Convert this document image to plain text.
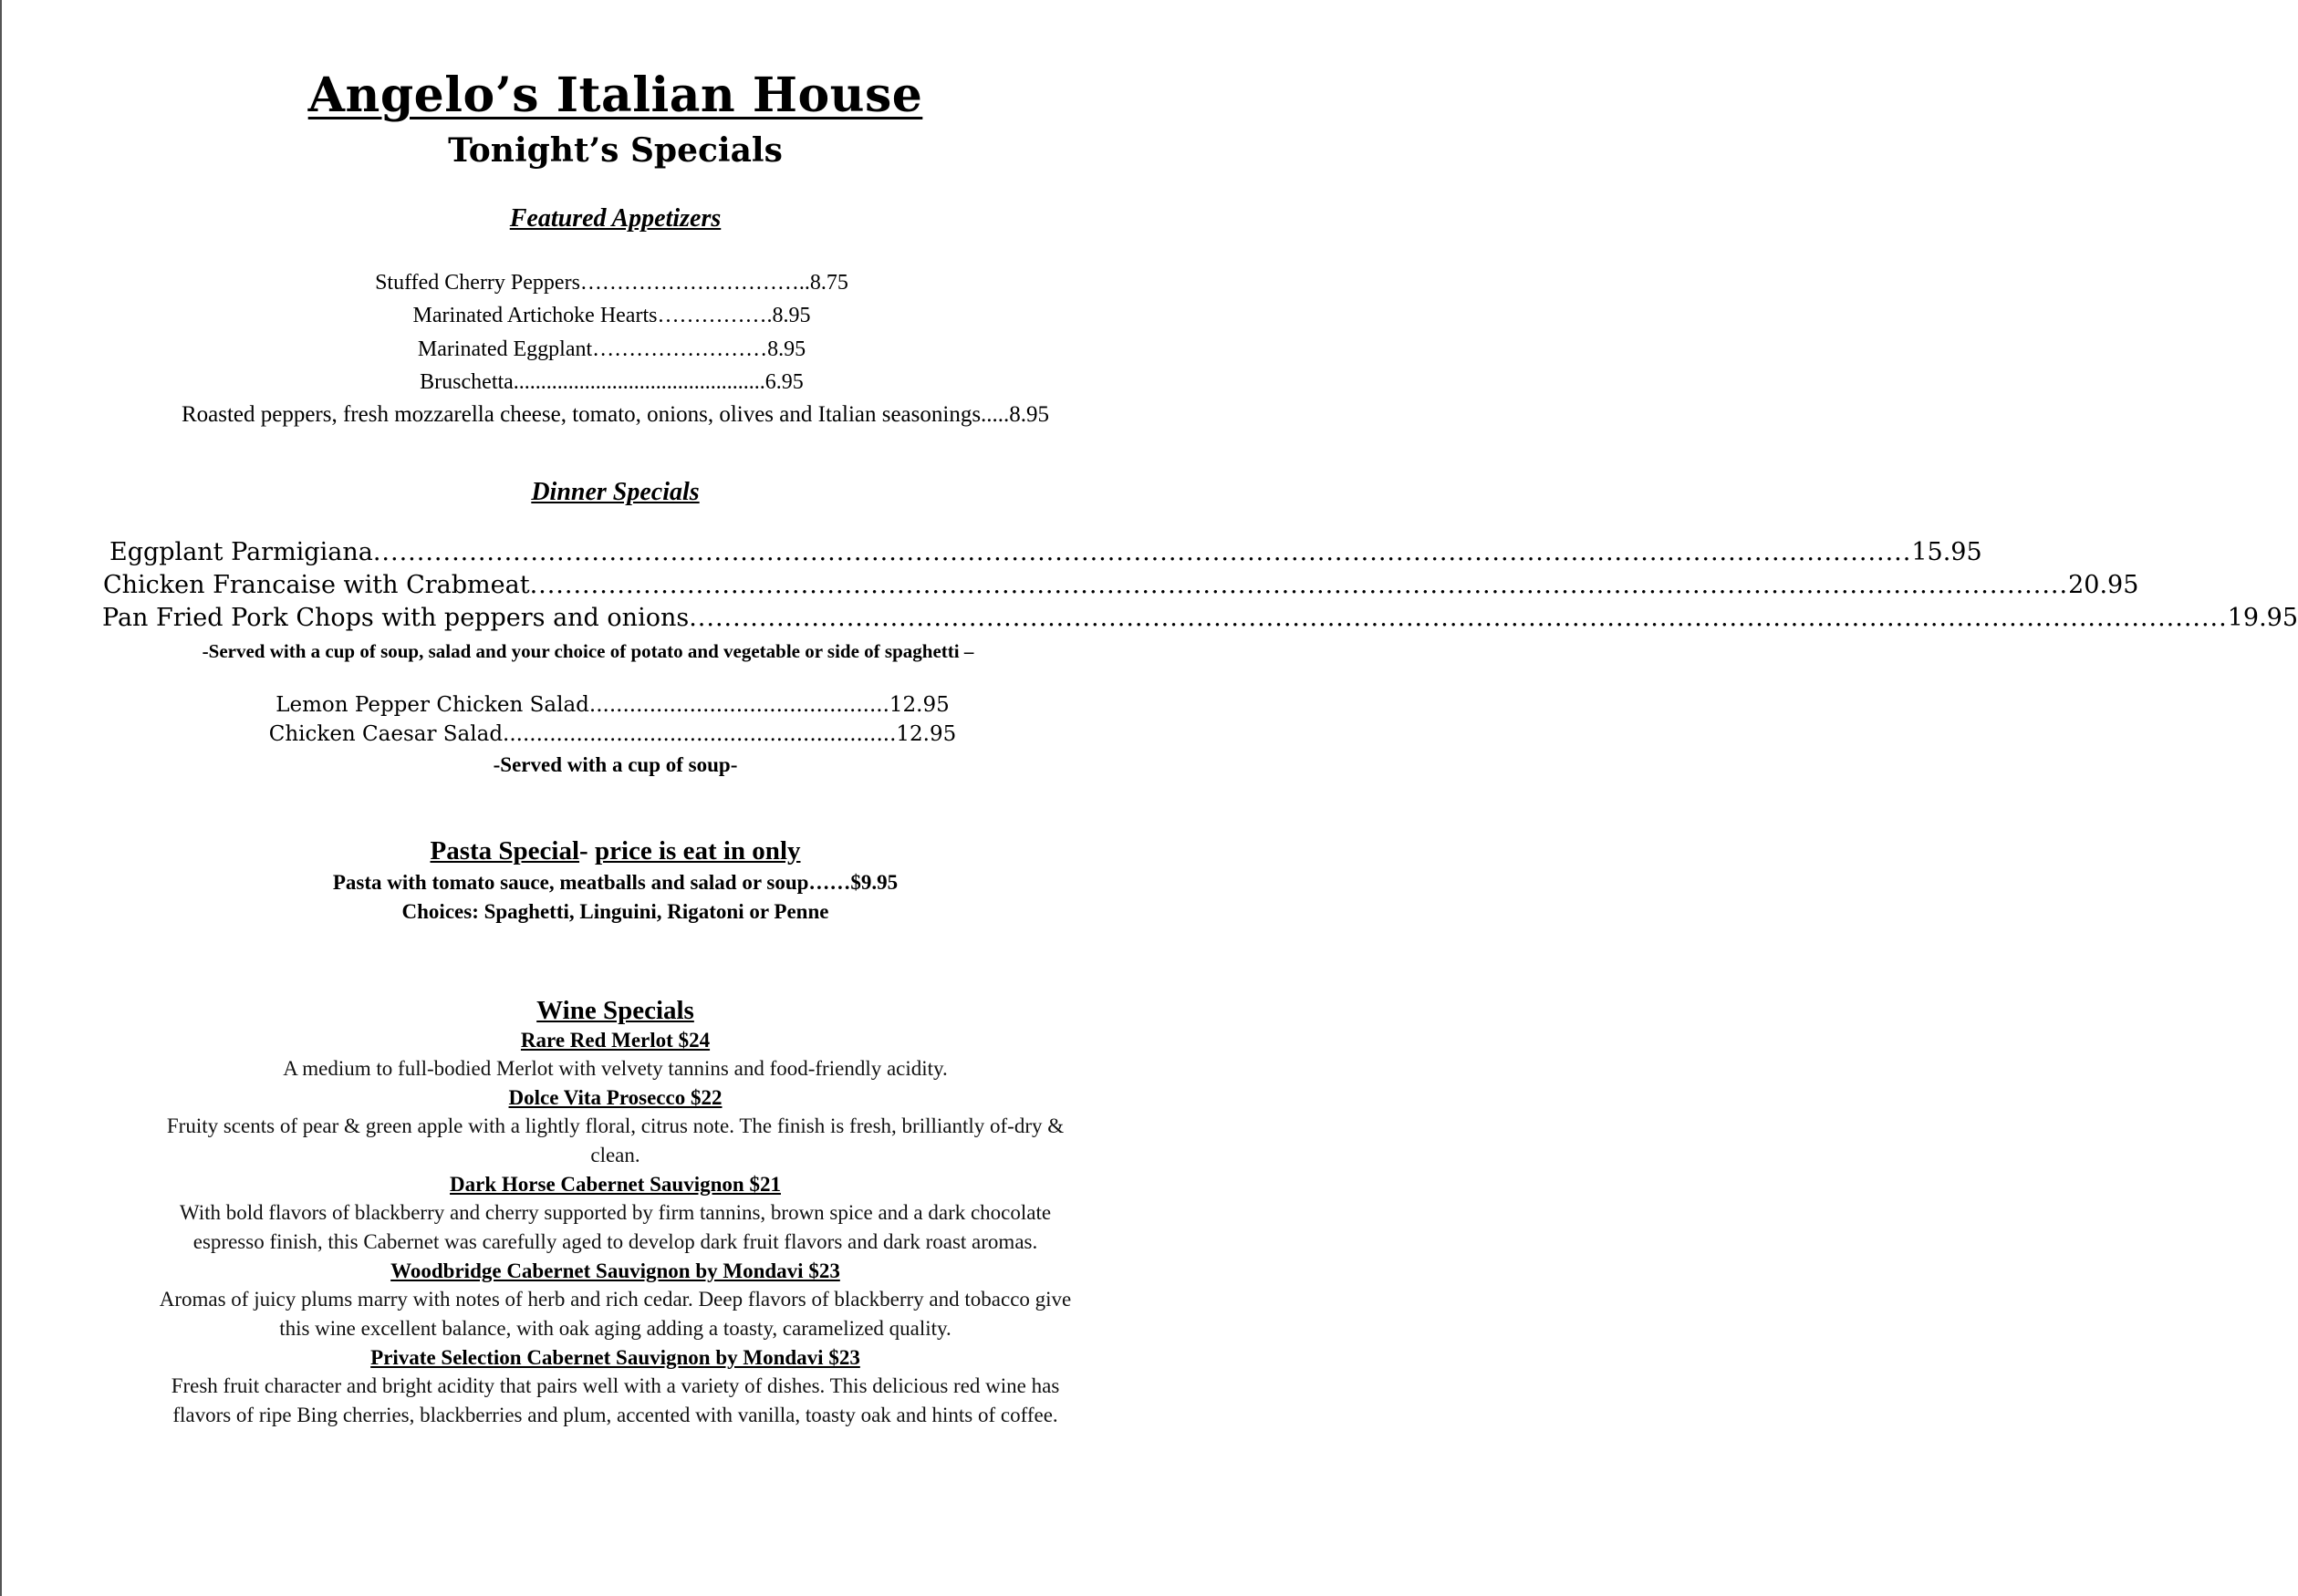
Angelo’s Italian House
Tonight’s Specials
Featured Appetizers
Stuffed Cherry Peppers…………………………..8.75
Marinated Artichoke Hearts…………….8.95
Marinated Eggplant……………………8.95
Bruschetta..............................................6.95
Roasted peppers, fresh mozzarella cheese, tomato, onions, olives and Italian seasonings.....8.95
Dinner Specials
Eggplant Parmigiana ................................................................................................................................................................................ 15.95
Chicken Francaise with Crabmeat ................................................................................................................................................................................ 20.95
Pan Fried Pork Chops with peppers and onions ................................................................................................................................................................................ 19.95
-Served with a cup of soup, salad and your choice of potato and vegetable or side of spaghetti –
Lemon Pepper Chicken Salad.............................................12.95
Chicken Caesar Salad...........................................................12.95
-Served with a cup of soup-
Pasta Special- price is eat in only
Pasta with tomato sauce, meatballs and salad or soup……$9.95
Choices: Spaghetti, Linguini, Rigatoni or Penne
Wine Specials
Rare Red Merlot $24
A medium to full-bodied Merlot with velvety tannins and food-friendly acidity.
Dolce Vita Prosecco $22
Fruity scents of pear & green apple with a lightly floral, citrus note. The finish is fresh, brilliantly of-dry &
clean.
Dark Horse Cabernet Sauvignon $21
With bold flavors of blackberry and cherry supported by firm tannins, brown spice and a dark chocolate
espresso finish, this Cabernet was carefully aged to develop dark fruit flavors and dark roast aromas.
Woodbridge Cabernet Sauvignon by Mondavi $23
Aromas of juicy plums marry with notes of herb and rich cedar. Deep flavors of blackberry and tobacco give
this wine excellent balance, with oak aging adding a toasty, caramelized quality.
Private Selection Cabernet Sauvignon by Mondavi $23
Fresh fruit character and bright acidity that pairs well with a variety of dishes. This delicious red wine has
flavors of ripe Bing cherries, blackberries and plum, accented with vanilla, toasty oak and hints of coffee.
